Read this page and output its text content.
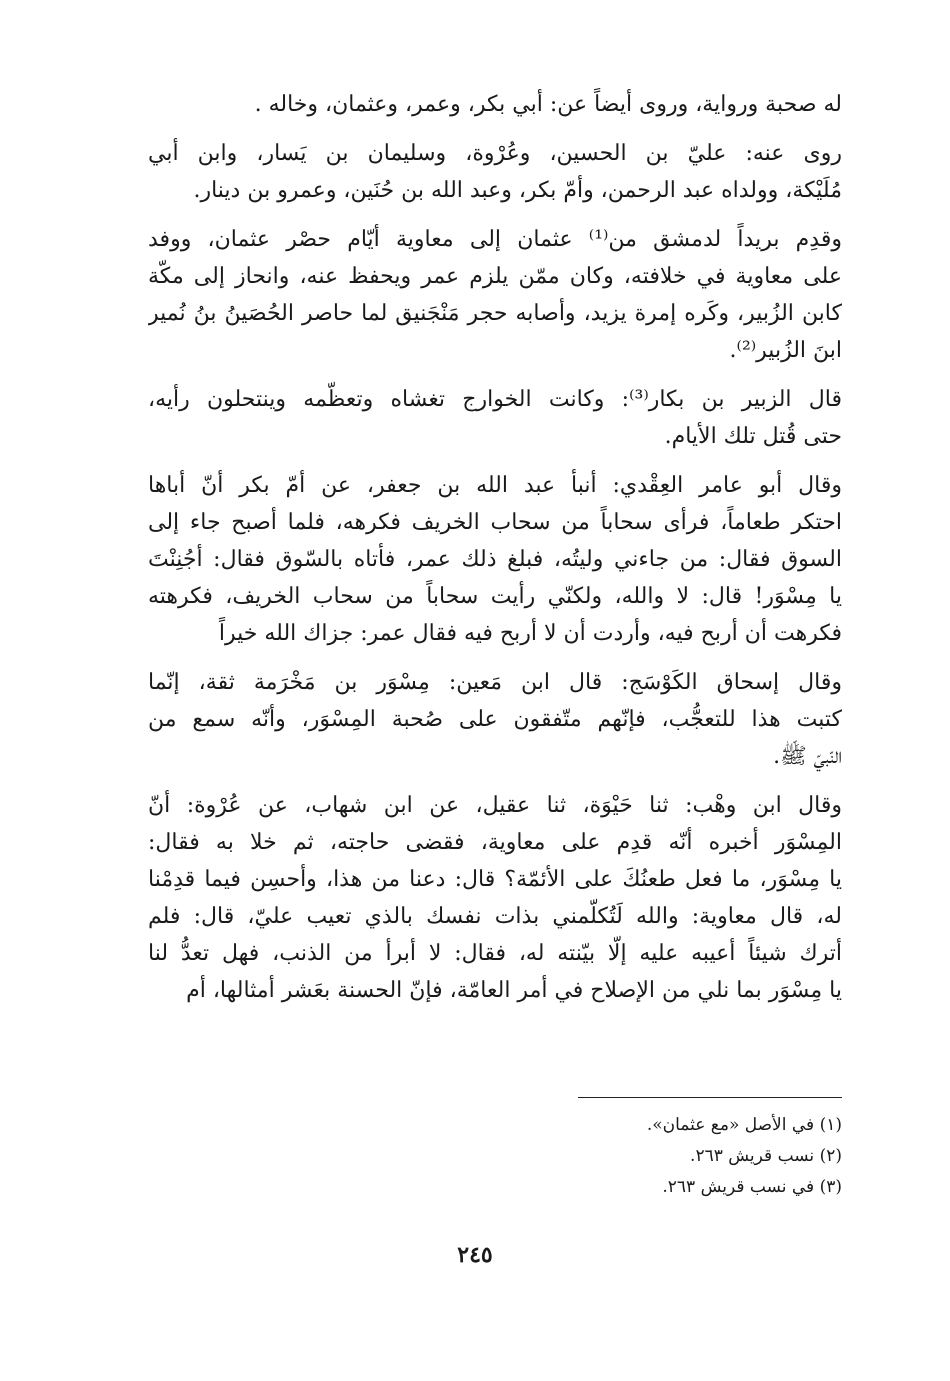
له صحبة ورواية، وروى أيضاً عن: أبي بكر، وعمر، وعثمان، وخاله .
روى عنه: عليّ بن الحسين، وعُرْوة، وسليمان بن يَسار، وابن أبي
مُلَيْكة، وولداه عبد الرحمن، وأمّ بكر، وعبد الله بن حُنَين، وعمرو بن دينار.
وقدِم بريداً لدمشق من⁽¹⁾ عثمان إلى معاوية أيّام حصْر عثمان، ووفد
على معاوية في خلافته، وكان ممّن يلزم عمر ويحفظ عنه، وانحاز إلى مكّة
كابن الزُبير، وكَره إمرة يزيد، وأصابه حجر مَنْجَنيق لما حاصر الحُصَينُ بنُ نُمير
ابنَ الزُبير⁽²⁾.
قال الزبير بن بكار⁽³⁾: وكانت الخوارج تغشاه وتعظّمه وينتحلون رأيه،
حتى قُتل تلك الأيام.
وقال أبو عامر العِقْدي: أنبأ عبد الله بن جعفر، عن أمّ بكر أنّ أباها
احتكر طعاماً، فرأى سحاباً من سحاب الخريف فكرهه، فلما أصبح جاء إلى
السوق فقال: من جاءني وليتُه، فبلغ ذلك عمر، فأتاه بالسّوق فقال: أجُنِنْتَ
يا مِسْوَر! قال: لا والله، ولكنّي رأيت سحاباً من سحاب الخريف، فكرهته
فكرهت أن أربح فيه، وأردت أن لا أربح فيه فقال عمر: جزاك الله خيراً
وقال إسحاق الكَوْسَج: قال ابن مَعين: مِسْوَر بن مَخْرَمة ثقة، إنّما
كتبت هذا للتعجُّب، فإنّهم متّفقون على صُحبة المِسْوَر، وأنّه سمع من
النّبيّ ﷺ.
وقال ابن وهْب: ثنا حَيْوَة، ثنا عقيل، عن ابن شهاب، عن عُرْوة: أنّ
المِسْوَر أخبره أنّه قدِم على معاوية، فقضى حاجته، ثم خلا به فقال:
يا مِسْوَر، ما فعل طعنُكَ على الأئمّة؟ قال: دعنا من هذا، وأحسِن فيما قدِمْنا
له، قال معاوية: والله لَتُكلّمني بذات نفسك بالذي تعيب عليّ، قال: فلم
أترك شيئاً أعيبه عليه إلّا بيّنته له، فقال: لا أبرأ من الذنب، فهل تعدُّ لنا
يا مِسْوَر بما نلي من الإصلاح في أمر العامّة، فإنّ الحسنة بعَشر أمثالها، أم
(١) في الأصل «مع عثمان».
(٢) نسب قريش ٢٦٣.
(٣) في نسب قريش ٢٦٣.
٢٤٥
